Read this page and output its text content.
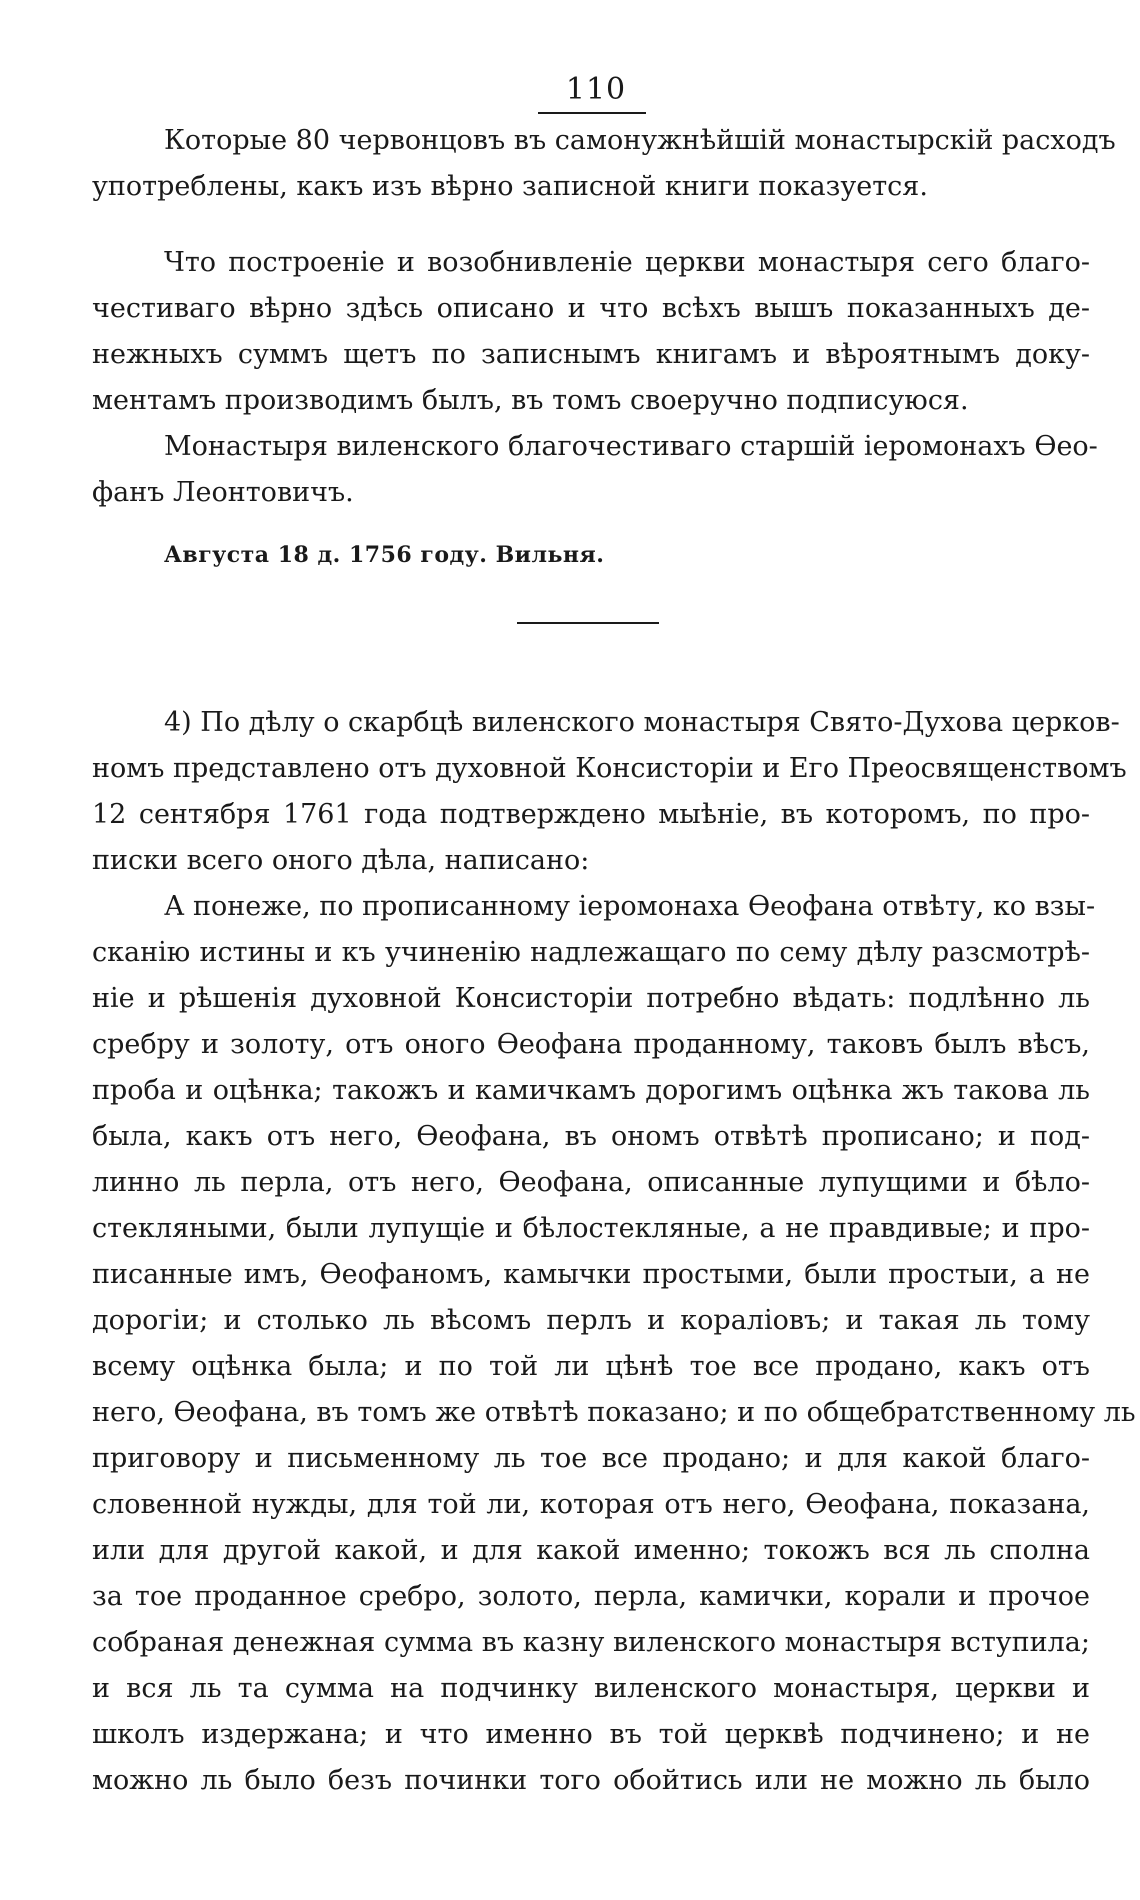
110
Которые 80 червонцовъ въ самонужнѣйшій монастырскій расходъ
употреблены, какъ изъ вѣрно записной книги показуется.
Что построеніе и возобнивленіе церкви монастыря сего благо-
честиваго вѣрно здѣсь описано и что всѣхъ вышъ показанныхъ де-
нежныхъ суммъ щетъ по записнымъ книгамъ и вѣроятнымъ доку-
ментамъ производимъ былъ, въ томъ своеручно подписуюся.
Монастыря виленского благочестиваго старшій іеромонахъ Ѳео-
фанъ Леонтовичъ.
Августа 18 д. 1756 году. Вильня.
4) По дѣлу о скарбцѣ виленского монастыря Свято-Духова церков-
номъ представлено отъ духовной Консисторіи и Его Преосвященствомъ
12 сентября 1761 года подтверждено мыѣніе, въ которомъ, по про-
писки всего оного дѣла, написано:
А понеже, по прописанному іеромонаха Ѳеофана отвѣту, ко взы-
сканію истины и къ учиненію надлежащаго по сему дѣлу разсмотрѣ-
ніе и рѣшенія духовной Консисторіи потребно вѣдать: подлѣнно ль
сребру и золоту, отъ оного Ѳеофана проданному, таковъ былъ вѣсъ,
проба и оцѣнка; такожъ и камичкамъ дорогимъ оцѣнка жъ такова ль
была, какъ отъ него, Ѳеофана, въ ономъ отвѣтѣ прописано; и под-
линно ль перла, отъ него, Ѳеофана, описанные лупущими и бѣло-
стекляными, были лупущіе и бѣлостекляные, а не правдивые; и про-
писанные имъ, Ѳеофаномъ, камычки простыми, были простыи, а не
дорогіи; и столько ль вѣсомъ перлъ и кораліовъ; и такая ль тому
всему оцѣнка была; и по той ли цѣнѣ тое все продано, какъ отъ
него, Ѳеофана, въ томъ же отвѣтѣ показано; и по общебратственному ль
приговору и письменному ль тое все продано; и для какой благо-
словенной нужды, для той ли, которая отъ него, Ѳеофана, показана,
или для другой какой, и для какой именно; токожъ вся ль сполна
за тое проданное сребро, золото, перла, камички, корали и прочое
собраная денежная сумма въ казну виленского монастыря вступила;
и вся ль та сумма на подчинку виленского монастыря, церкви и
школъ издержана; и что именно въ той церквѣ подчинено; и не
можно ль было безъ починки того обойтись или не можно ль было
